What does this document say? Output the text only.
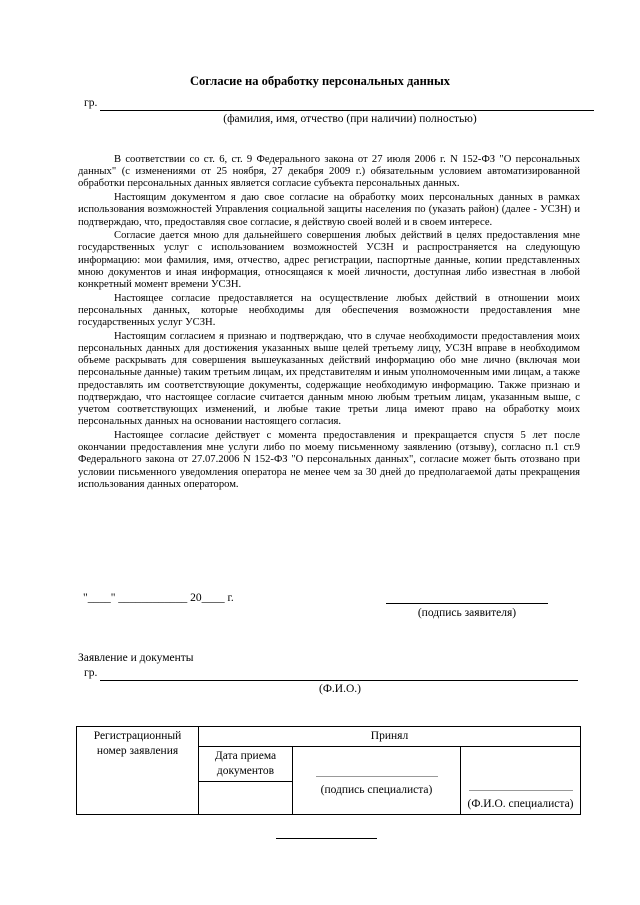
Согласие на обработку персональных данных
гр.
(фамилия, имя, отчество (при наличии) полностью)

В соответствии со ст. 6, ст. 9 Федерального закона от 27 июля 2006 г. N 152-ФЗ "О персональных данных" (с изменениями от 25 ноября, 27 декабря 2009 г.) обязательным условием автоматизированной обработки персональных данных является согласие субъекта персональных данных.

Настоящим документом я даю свое согласие на обработку моих персональных данных в рамках использования возможностей Управления социальной защиты населения по (указать район) (далее - УСЗН) и подтверждаю, что, предоставляя свое согласие, я действую своей волей и в своем интересе.

Согласие дается мною для дальнейшего совершения любых действий в целях предоставления мне государственных услуг с использованием возможностей УСЗН и распространяется на следующую информацию: мои фамилия, имя, отчество, адрес регистрации, паспортные данные, копии представленных мною документов и иная информация, относящаяся к моей личности, доступная либо известная в любой конкретный момент времени УСЗН.

Настоящее согласие предоставляется на осуществление любых действий в отношении моих персональных данных, которые необходимы для обеспечения возможности предоставления мне государственных услуг УСЗН.

Настоящим согласием я признаю и подтверждаю, что в случае необходимости предоставления моих персональных данных для достижения указанных выше целей третьему лицу, УСЗН вправе в необходимом объеме раскрывать для совершения вышеуказанных действий информацию обо мне лично (включая мои персональные данные) таким третьим лицам, их представителям и иным уполномоченным ими лицам, а также предоставлять им соответствующие документы, содержащие необходимую информацию. Также признаю и подтверждаю, что настоящее согласие считается данным мною любым третьим лицам, указанным выше, с учетом соответствующих изменений, и любые такие третьи лица имеют право на обработку моих персональных данных на основании настоящего согласия.

Настоящее согласие действует с момента предоставления и прекращается спустя 5 лет после окончании предоставления мне услуги либо по моему письменному заявлению (отзыву), согласно п.1 ст.9 Федерального закона от 27.07.2006 N 152-ФЗ "О персональных данных", согласие может быть отозвано при условии письменного уведомления оператора не менее чем за 30 дней до предполагаемой даты прекращения использования данных оператором.

"____" ____________ 20____ г.
(подпись заявителя)
Заявление и документы
гр.
(Ф.И.О.)
Регистрационный номер заявления	Принял		
	Дата приема документов	(подпись специалиста)	(Ф.И.О. специалиста)
